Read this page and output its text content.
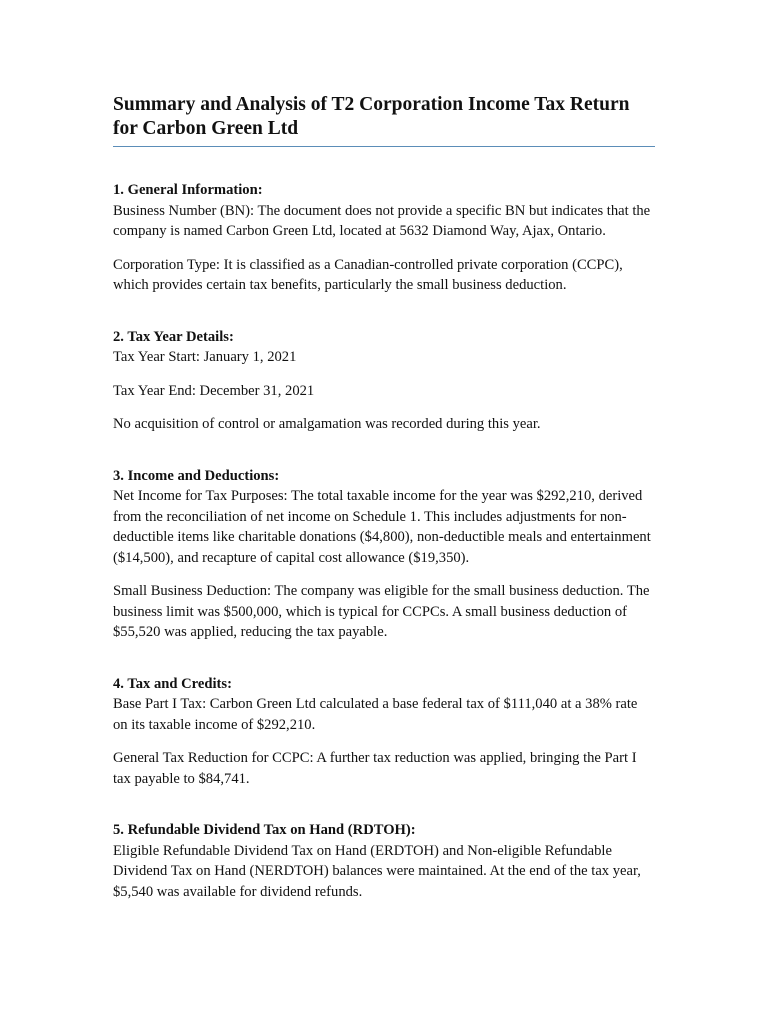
Summary and Analysis of T2 Corporation Income Tax Return for Carbon Green Ltd

1. General Information:

Business Number (BN): The document does not provide a specific BN but indicates that the company is named Carbon Green Ltd, located at 5632 Diamond Way, Ajax, Ontario.

Corporation Type: It is classified as a Canadian-controlled private corporation (CCPC), which provides certain tax benefits, particularly the small business deduction.

2. Tax Year Details:

Tax Year Start: January 1, 2021

Tax Year End: December 31, 2021

No acquisition of control or amalgamation was recorded during this year.

3. Income and Deductions:

Net Income for Tax Purposes: The total taxable income for the year was $292,210, derived from the reconciliation of net income on Schedule 1. This includes adjustments for non-deductible items like charitable donations ($4,800), non-deductible meals and entertainment ($14,500), and recapture of capital cost allowance ($19,350).

Small Business Deduction: The company was eligible for the small business deduction. The business limit was $500,000, which is typical for CCPCs. A small business deduction of $55,520 was applied, reducing the tax payable.

4. Tax and Credits:

Base Part I Tax: Carbon Green Ltd calculated a base federal tax of $111,040 at a 38% rate on its taxable income of $292,210.

General Tax Reduction for CCPC: A further tax reduction was applied, bringing the Part I tax payable to $84,741.

5. Refundable Dividend Tax on Hand (RDTOH):

Eligible Refundable Dividend Tax on Hand (ERDTOH) and Non-eligible Refundable Dividend Tax on Hand (NERDTOH) balances were maintained. At the end of the tax year, $5,540 was available for dividend refunds.
